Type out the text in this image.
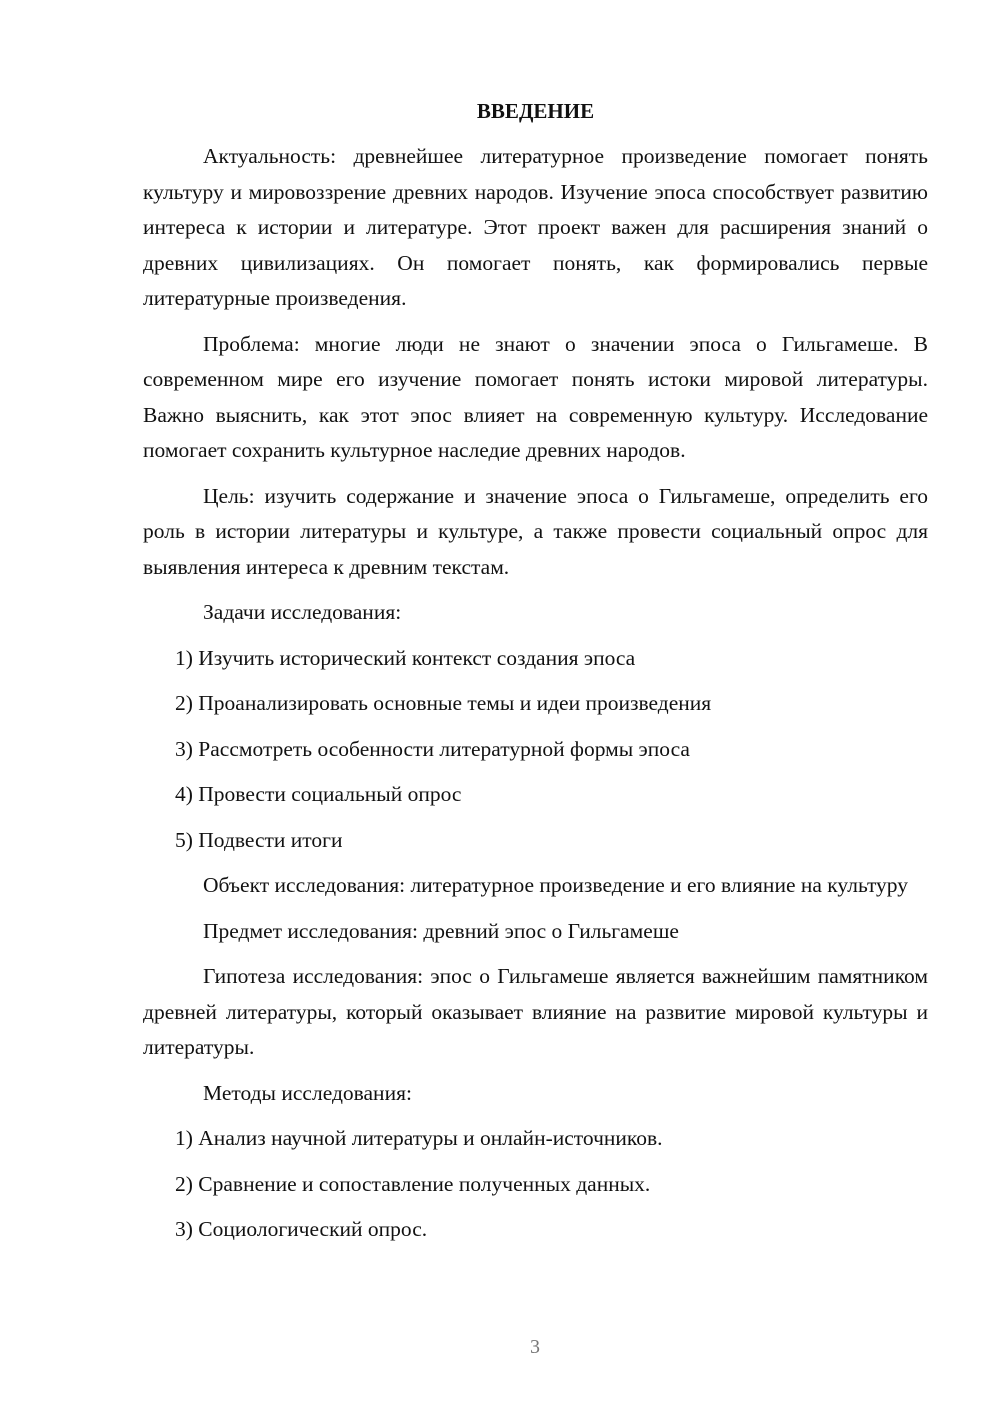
ВВЕДЕНИЕ

Актуальность: древнейшее литературное произведение помогает понять культуру и мировоззрение древних народов. Изучение эпоса способствует развитию интереса к истории и литературе. Этот проект важен для расширения знаний о древних цивилизациях. Он помогает понять, как формировались первые литературные произведения.

Проблема: многие люди не знают о значении эпоса о Гильгамеше. В современном мире его изучение помогает понять истоки мировой литературы. Важно выяснить, как этот эпос влияет на современную культуру. Исследование помогает сохранить культурное наследие древних народов.

Цель: изучить содержание и значение эпоса о Гильгамеше, определить его роль в истории литературы и культуре, а также провести социальный опрос для выявления интереса к древним текстам.

Задачи исследования:

1) Изучить исторический контекст создания эпоса
2) Проанализировать основные темы и идеи произведения
3) Рассмотреть особенности литературной формы эпоса
4) Провести социальный опрос
5) Подвести итоги

Объект исследования: литературное произведение и его влияние на культуру

Предмет исследования: древний эпос о Гильгамеше

Гипотеза исследования: эпос о Гильгамеше является важнейшим памятником древней литературы, который оказывает влияние на развитие мировой культуры и литературы.

Методы исследования:

1) Анализ научной литературы и онлайн-источников.
2) Сравнение и сопоставление полученных данных.
3) Социологический опрос.
3
